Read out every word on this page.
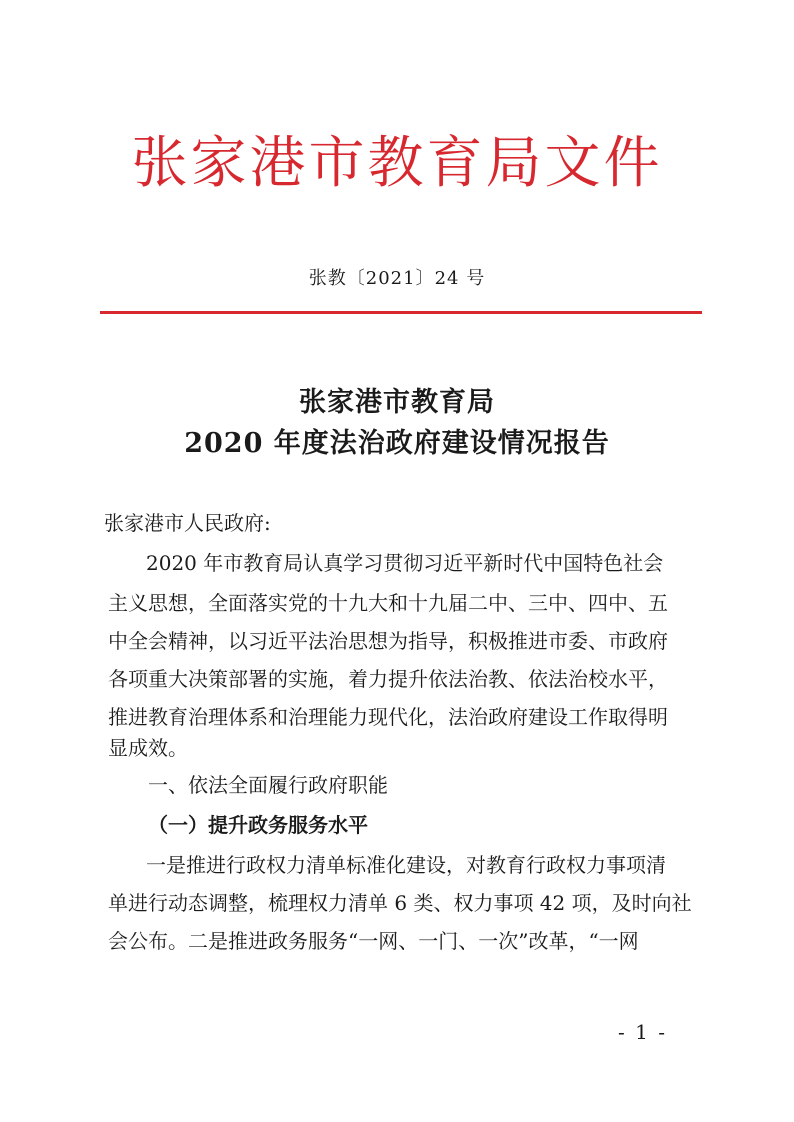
张家港市教育局文件
张教〔2021〕24 号
张家港市教育局
2020 年度法治政府建设情况报告
张家港市人民政府:
2020 年市教育局认真学习贯彻习近平新时代中国特色社会
主义思想，全面落实党的十九大和十九届二中、三中、四中、五
中全会精神，以习近平法治思想为指导，积极推进市委、市政府
各项重大决策部署的实施，着力提升依法治教、依法治校水平，
推进教育治理体系和治理能力现代化，法治政府建设工作取得明
显成效。
一、依法全面履行政府职能
（一）提升政务服务水平
一是推进行政权力清单标准化建设，对教育行政权力事项清
单进行动态调整，梳理权力清单 6 类、权力事项 42 项，及时向社
会公布。二是推进政务服务“一网、一门、一次”改革，“一网
- 1 -
